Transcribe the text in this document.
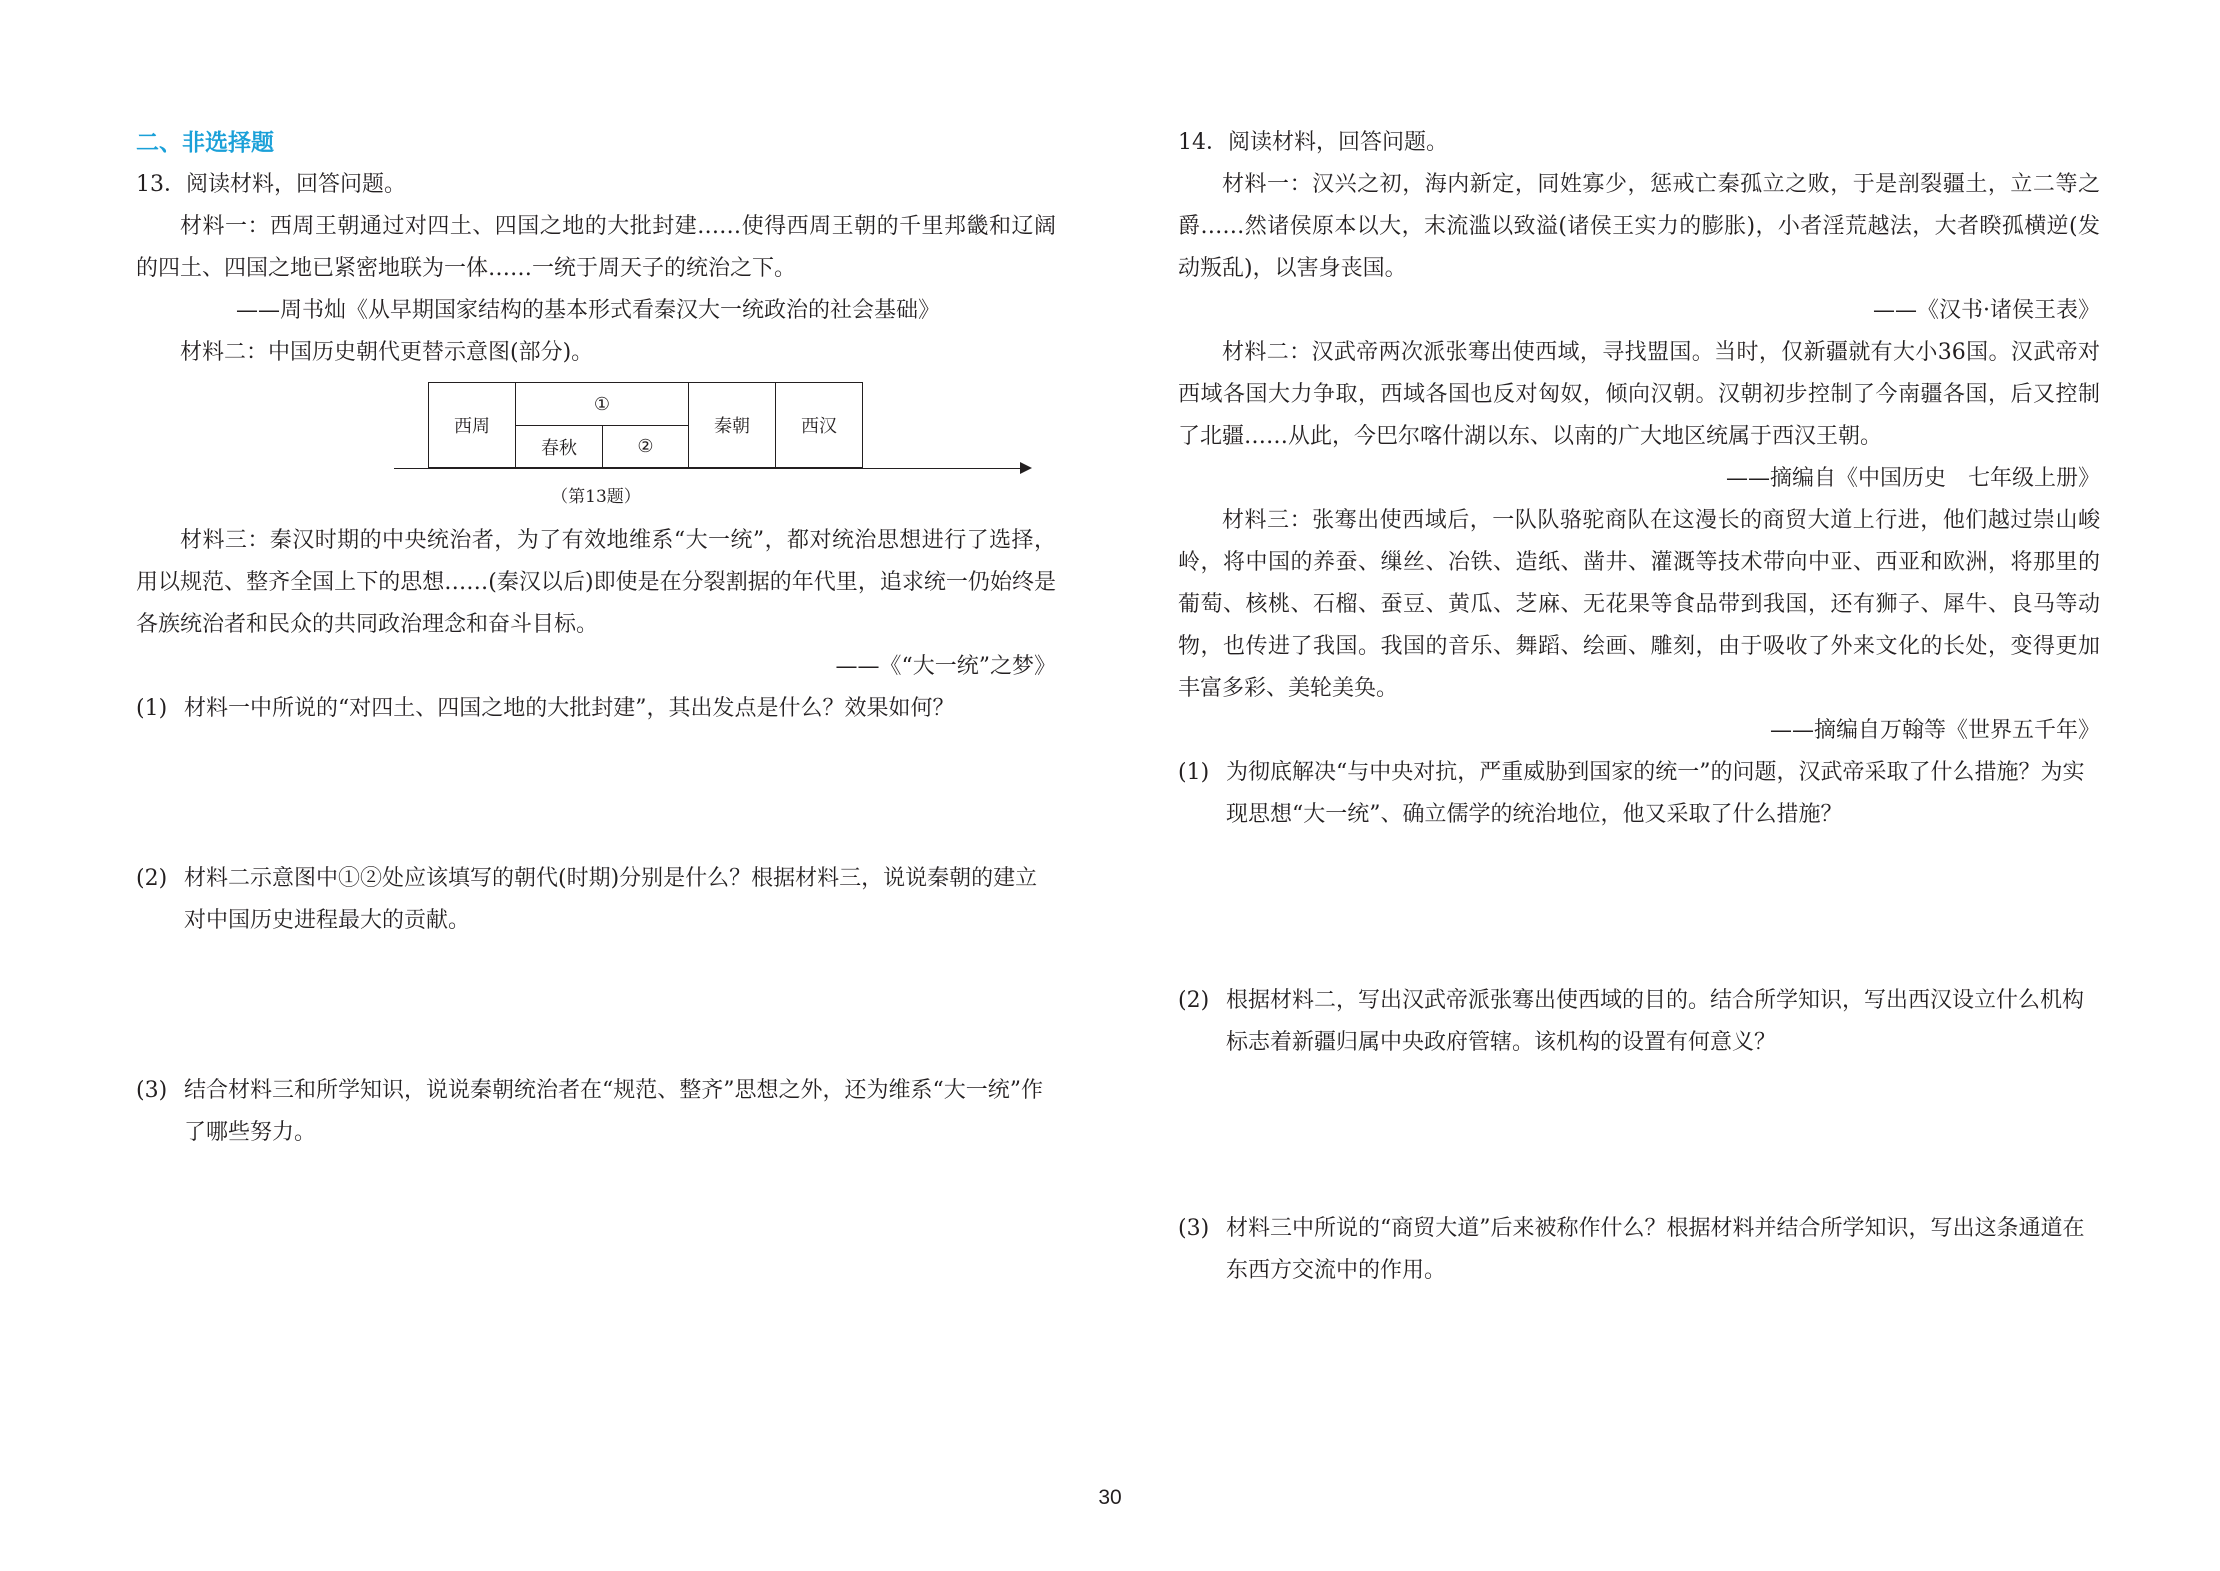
二、非选择题

13．阅读材料，回答问题。

材料一：西周王朝通过对四土、四国之地的大批封建……使得西周王朝的千里邦畿和辽阔的四土、四国之地已紧密地联为一体……一统于周天子的统治之下。

——周书灿《从早期国家结构的基本形式看秦汉大一统政治的社会基础》

材料二：中国历史朝代更替示意图(部分)。

西周
①
春秋	②
秦朝	西汉
（第13题）

材料三：秦汉时期的中央统治者，为了有效地维系“大一统”，都对统治思想进行了选择，用以规范、整齐全国上下的思想……(秦汉以后)即使是在分裂割据的年代里，追求统一仍始终是各族统治者和民众的共同政治理念和奋斗目标。

——《“大一统”之梦》

(1) 材料一中所说的“对四土、四国之地的大批封建”，其出发点是什么？效果如何？
(2) 材料二示意图中①②处应该填写的朝代(时期)分别是什么？根据材料三，说说秦朝的建立对中国历史进程最大的贡献。
(3) 结合材料三和所学知识，说说秦朝统治者在“规范、整齐”思想之外，还为维系“大一统”作了哪些努力。

14．阅读材料，回答问题。

材料一：汉兴之初，海内新定，同姓寡少，惩戒亡秦孤立之败，于是剖裂疆土，立二等之爵……然诸侯原本以大，末流滥以致溢(诸侯王实力的膨胀)，小者淫荒越法，大者睽孤横逆(发动叛乱)，以害身丧国。

——《汉书·诸侯王表》

材料二：汉武帝两次派张骞出使西域，寻找盟国。当时，仅新疆就有大小36国。汉武帝对西域各国大力争取，西域各国也反对匈奴，倾向汉朝。汉朝初步控制了今南疆各国，后又控制了北疆……从此，今巴尔喀什湖以东、以南的广大地区统属于西汉王朝。

——摘编自《中国历史　七年级上册》

材料三：张骞出使西域后，一队队骆驼商队在这漫长的商贸大道上行进，他们越过崇山峻岭，将中国的养蚕、缫丝、冶铁、造纸、凿井、灌溉等技术带向中亚、西亚和欧洲，将那里的葡萄、核桃、石榴、蚕豆、黄瓜、芝麻、无花果等食品带到我国，还有狮子、犀牛、良马等动物，也传进了我国。我国的音乐、舞蹈、绘画、雕刻，由于吸收了外来文化的长处，变得更加丰富多彩、美轮美奂。

——摘编自万翰等《世界五千年》

(1) 为彻底解决“与中央对抗，严重威胁到国家的统一”的问题，汉武帝采取了什么措施？为实现思想“大一统”、确立儒学的统治地位，他又采取了什么措施？
(2) 根据材料二，写出汉武帝派张骞出使西域的目的。结合所学知识，写出西汉设立什么机构标志着新疆归属中央政府管辖。该机构的设置有何意义？
(3) 材料三中所说的“商贸大道”后来被称作什么？根据材料并结合所学知识，写出这条通道在东西方交流中的作用。
30
